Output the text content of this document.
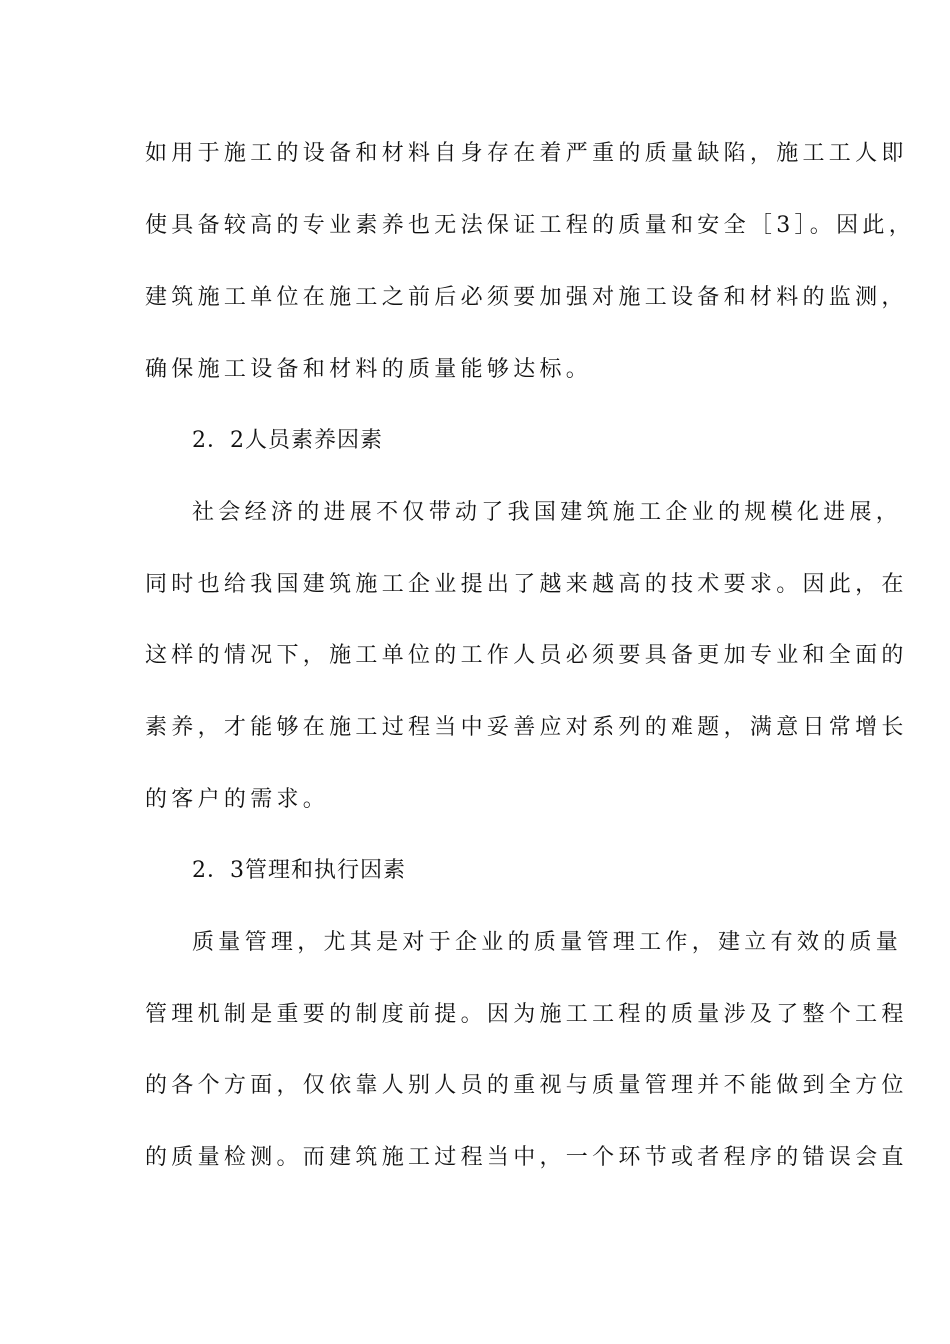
如用于施工的设备和材料自身存在着严重的质量缺陷，施工工人即
使具备较高的专业素养也无法保证工程的质量和安全［3］。因此，
建筑施工单位在施工之前后必须要加强对施工设备和材料的监测，
确保施工设备和材料的质量能够达标。
2．2人员素养因素
社会经济的进展不仅带动了我国建筑施工企业的规模化进展，
同时也给我国建筑施工企业提出了越来越高的技术要求。因此，在
这样的情况下，施工单位的工作人员必须要具备更加专业和全面的
素养，才能够在施工过程当中妥善应对系列的难题，满意日常增长
的客户的需求。
2．3管理和执行因素
质量管理，尤其是对于企业的质量管理工作，建立有效的质量
管理机制是重要的制度前提。因为施工工程的质量涉及了整个工程
的各个方面，仅依靠人别人员的重视与质量管理并不能做到全方位
的质量检测。而建筑施工过程当中，一个环节或者程序的错误会直
